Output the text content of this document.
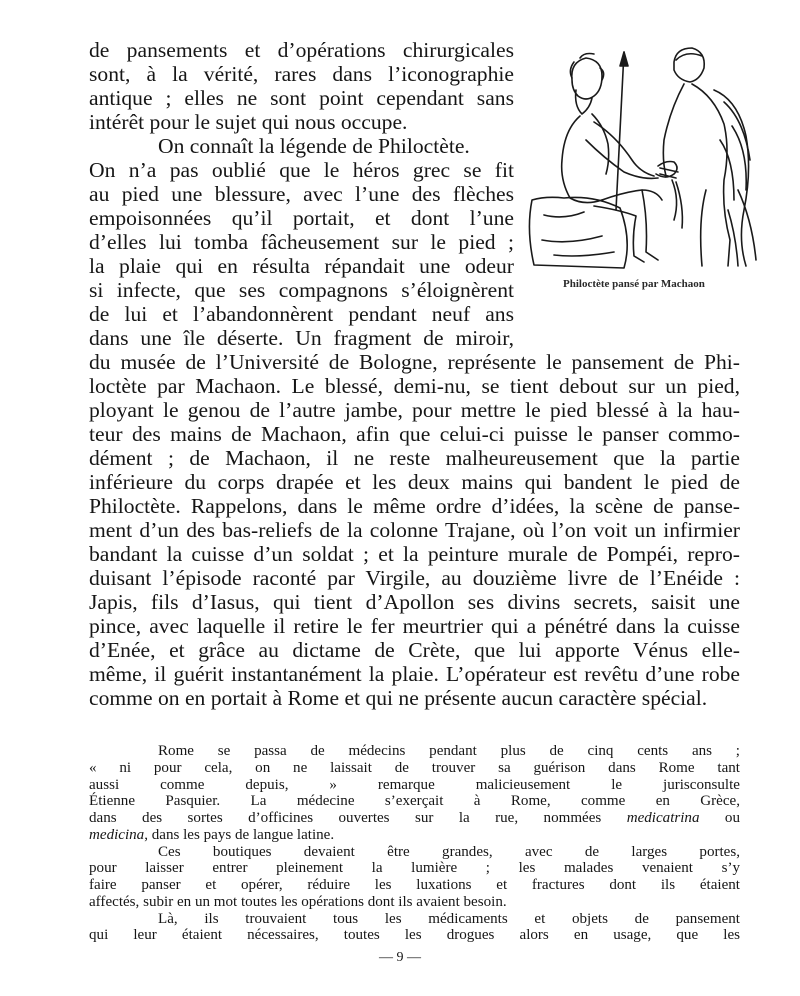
Philoctète pansé par Machaon
de pansements et d’opérations chirurgicales
sont, à la vérité, rares dans l’iconographie
antique ; elles ne sont point cependant sans
intérêt pour le sujet qui nous occupe.
On connaît la légende de Philoctète.
On n’a pas oublié que le héros grec se fit
au pied une blessure, avec l’une des flèches
empoisonnées qu’il portait, et dont l’une
d’elles lui tomba fâcheusement sur le pied ;
la plaie qui en résulta répandait une odeur
si infecte, que ses compagnons s’éloignèrent
de lui et l’abandonnèrent pendant neuf ans
dans une île déserte. Un fragment de miroir,
du musée de l’Université de Bologne, représente le pansement de Phi-
loctète par Machaon. Le blessé, demi-nu, se tient debout sur un pied,
ployant le genou de l’autre jambe, pour mettre le pied blessé à la hau-
teur des mains de Machaon, afin que celui-ci puisse le panser commo-
dément ; de Machaon, il ne reste malheureusement que la partie
inférieure du corps drapée et les deux mains qui bandent le pied de
Philoctète. Rappelons, dans le même ordre d’idées, la scène de panse-
ment d’un des bas-reliefs de la colonne Trajane, où l’on voit un infirmier
bandant la cuisse d’un soldat ; et la peinture murale de Pompéi, repro-
duisant l’épisode raconté par Virgile, au douzième livre de l’Enéide :
Japis, fils d’Iasus, qui tient d’Apollon ses divins secrets, saisit une
pince, avec laquelle il retire le fer meurtrier qui a pénétré dans la cuisse
d’Enée, et grâce au dictame de Crète, que lui apporte Vénus elle-
même, il guérit instantanément la plaie. L’opérateur est revêtu d’une robe
comme on en portait à Rome et qui ne présente aucun caractère spécial.
Rome se passa de médecins pendant plus de cinq cents ans ;
« ni pour cela, on ne laissait de trouver sa guérison dans Rome tant
aussi comme depuis, » remarque malicieusement le jurisconsulte
Étienne Pasquier. La médecine s’exerçait à Rome, comme en Grèce,
dans des sortes d’officines ouvertes sur la rue, nommées medicatrina ou
medicina, dans les pays de langue latine.
Ces boutiques devaient être grandes, avec de larges portes,
pour laisser entrer pleinement la lumière ; les malades venaient s’y
— 9 —
faire panser et opérer, réduire les luxations et fractures dont ils étaient
affectés, subir en un mot toutes les opérations dont ils avaient besoin.
Là, ils trouvaient tous les médicaments et objets de pansement
qui leur étaient nécessaires, toutes les drogues alors en usage, que les
